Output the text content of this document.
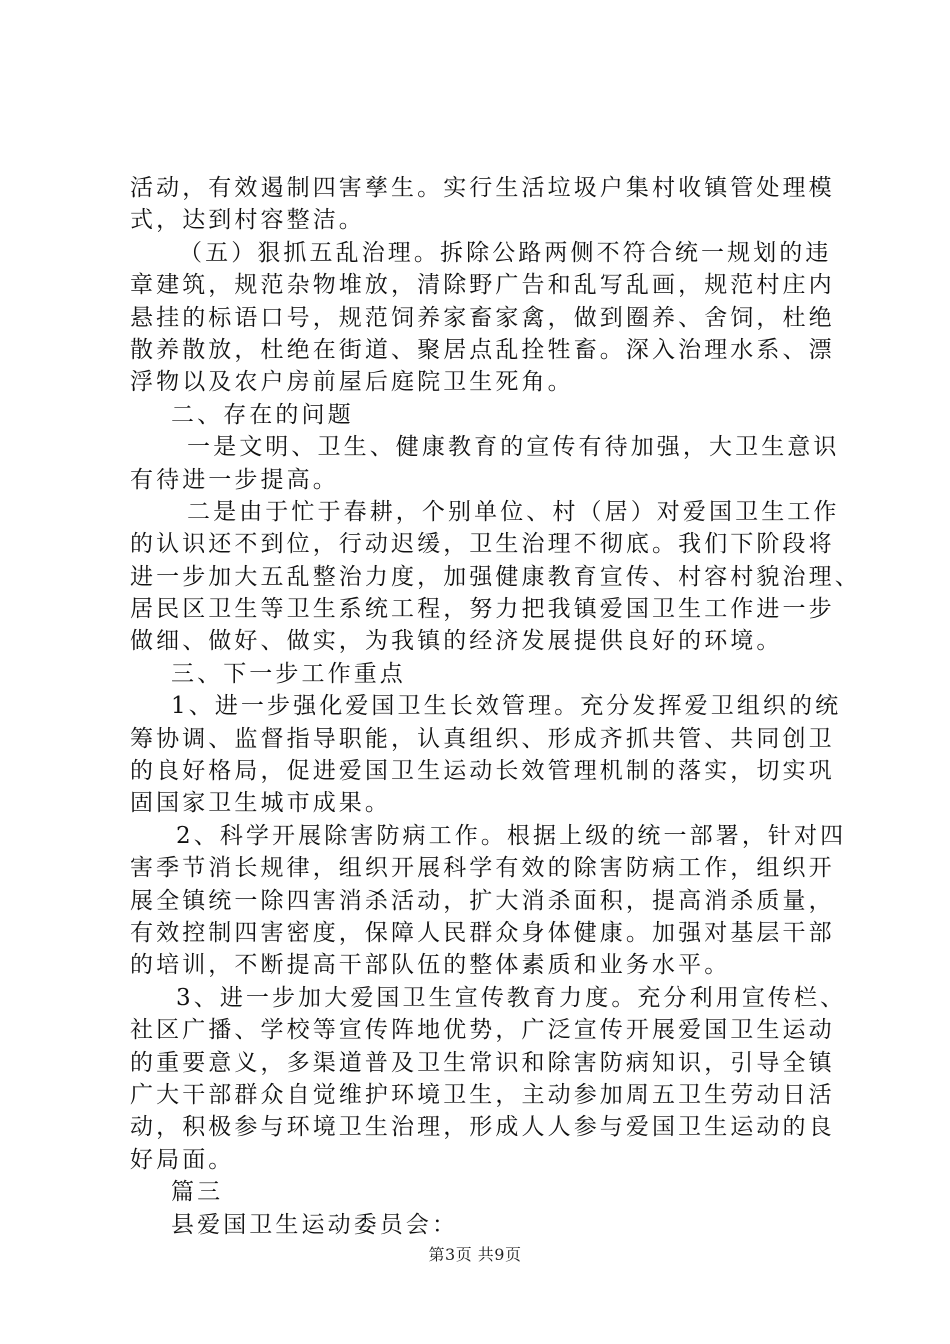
活动，有效遏制四害孳生。实行生活垃圾户集村收镇管处理模
式，达到村容整洁。
（五）狠抓五乱治理。拆除公路两侧不符合统一规划的违
章建筑，规范杂物堆放，清除野广告和乱写乱画，规范村庄内
悬挂的标语口号，规范饲养家畜家禽，做到圈养、舍饲，杜绝
散养散放，杜绝在街道、聚居点乱拴牲畜。深入治理水系、漂
浮物以及农户房前屋后庭院卫生死角。
二、存在的问题
一是文明、卫生、健康教育的宣传有待加强，大卫生意识
有待进一步提高。
二是由于忙于春耕，个别单位、村（居）对爱国卫生工作
的认识还不到位，行动迟缓，卫生治理不彻底。我们下阶段将
进一步加大五乱整治力度，加强健康教育宣传、村容村貌治理、
居民区卫生等卫生系统工程，努力把我镇爱国卫生工作进一步
做细、做好、做实，为我镇的经济发展提供良好的环境。
三、下一步工作重点
1、进一步强化爱国卫生长效管理。充分发挥爱卫组织的统
筹协调、监督指导职能，认真组织、形成齐抓共管、共同创卫
的良好格局，促进爱国卫生运动长效管理机制的落实，切实巩
固国家卫生城市成果。
2、科学开展除害防病工作。根据上级的统一部署，针对四
害季节消长规律，组织开展科学有效的除害防病工作，组织开
展全镇统一除四害消杀活动，扩大消杀面积，提高消杀质量，
有效控制四害密度，保障人民群众身体健康。加强对基层干部
的培训，不断提高干部队伍的整体素质和业务水平。
3、进一步加大爱国卫生宣传教育力度。充分利用宣传栏、
社区广播、学校等宣传阵地优势，广泛宣传开展爱国卫生运动
的重要意义，多渠道普及卫生常识和除害防病知识，引导全镇
广大干部群众自觉维护环境卫生，主动参加周五卫生劳动日活
动，积极参与环境卫生治理，形成人人参与爱国卫生运动的良
好局面。
篇三
县爱国卫生运动委员会：
第3页 共9页
